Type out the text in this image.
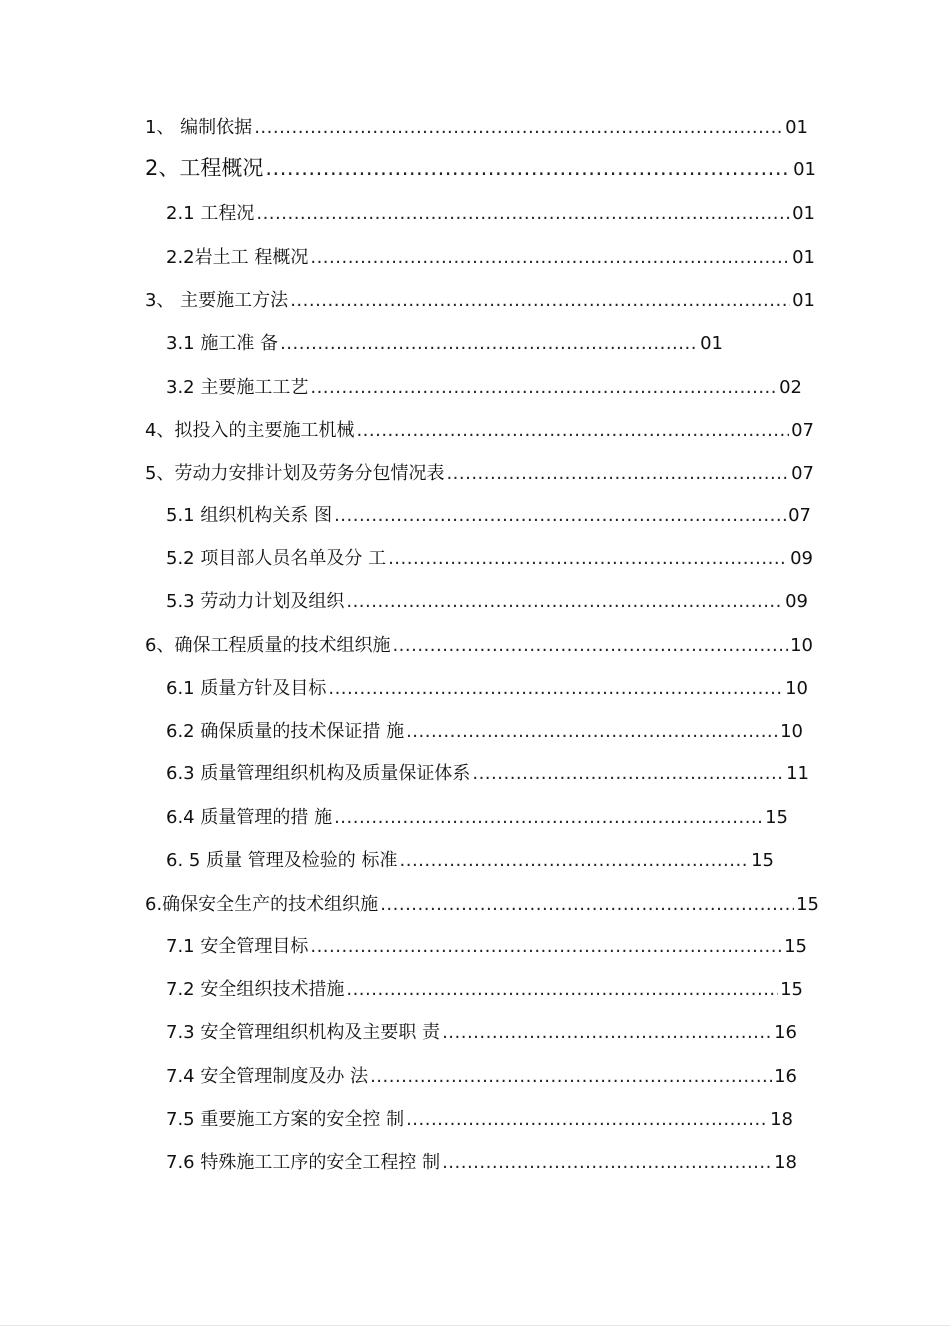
1、 编制依据 .....	01
2、工程概况 .....	01
2.1 工程况 .....	01
2.2岩土工 程概况 .....	01
3、 主要施工方法 .....	01
3.1 施工准 备 .....	01
3.2 主要施工工艺 .....	02
4、拟投入的主要施工机械 .....	07
5、劳动力安排计划及劳务分包情况表 .....	07
5.1 组织机构关系 图 .....	07
5.2 项目部人员名单及分 工 .....	09
5.3 劳动力计划及组织 .....	09
6、确保工程质量的技术组织施 .....	10
6.1 质量方针及目标 .....	10
6.2 确保质量的技术保证措 施 .....	10
6.3 质量管理组织机构及质量保证体系 .....	11
6.4 质量管理的措 施 .....	15
6. 5 质量 管理及检验的 标准 .....	15
6.确保安全生产的技术组织施 .....	15
7.1 安全管理目标 .....	15
7.2 安全组织技术措施 .....	15
7.3 安全管理组织机构及主要职 责 .....	16
7.4 安全管理制度及办 法 .....	16
7.5 重要施工方案的安全控 制 .....	18
7.6 特殊施工工序的安全工程控 制 .....	18
